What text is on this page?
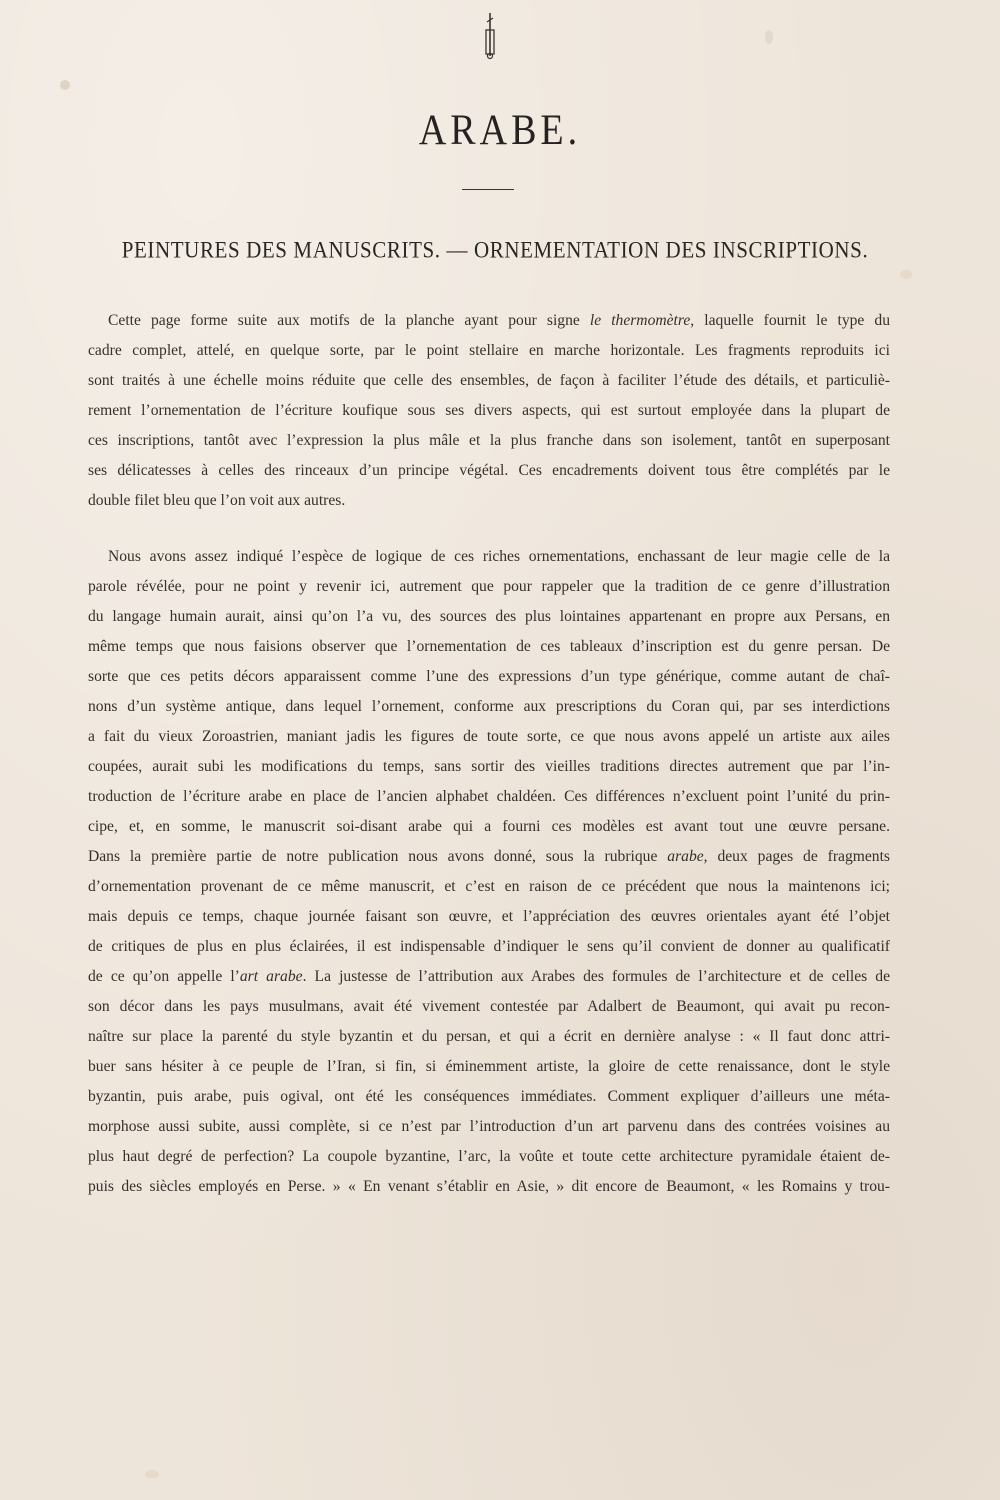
ARABE.
PEINTURES DES MANUSCRITS. — ORNEMENTATION DES INSCRIPTIONS.
Cette page forme suite aux motifs de la planche ayant pour signe le thermomètre, laquelle fournit le type du
cadre complet, attelé, en quelque sorte, par le point stellaire en marche horizontale. Les fragments reproduits ici
sont traités à une échelle moins réduite que celle des ensembles, de façon à faciliter l’étude des détails, et particuliè-
rement l’ornementation de l’écriture koufique sous ses divers aspects, qui est surtout employée dans la plupart de
ces inscriptions, tantôt avec l’expression la plus mâle et la plus franche dans son isolement, tantôt en superposant
ses délicatesses à celles des rinceaux d’un principe végétal. Ces encadrements doivent tous être complétés par le
double filet bleu que l’on voit aux autres.
Nous avons assez indiqué l’espèce de logique de ces riches ornementations, enchassant de leur magie celle de la
parole révélée, pour ne point y revenir ici, autrement que pour rappeler que la tradition de ce genre d’illustration
du langage humain aurait, ainsi qu’on l’a vu, des sources des plus lointaines appartenant en propre aux Persans, en
même temps que nous faisions observer que l’ornementation de ces tableaux d’inscription est du genre persan. De
sorte que ces petits décors apparaissent comme l’une des expressions d’un type générique, comme autant de chaî-
nons d’un système antique, dans lequel l’ornement, conforme aux prescriptions du Coran qui, par ses interdictions
a fait du vieux Zoroastrien, maniant jadis les figures de toute sorte, ce que nous avons appelé un artiste aux ailes
coupées, aurait subi les modifications du temps, sans sortir des vieilles traditions directes autrement que par l’in-
troduction de l’écriture arabe en place de l’ancien alphabet chaldéen. Ces différences n’excluent point l’unité du prin-
cipe, et, en somme, le manuscrit soi-disant arabe qui a fourni ces modèles est avant tout une œuvre persane.
Dans la première partie de notre publication nous avons donné, sous la rubrique arabe, deux pages de fragments
d’ornementation provenant de ce même manuscrit, et c’est en raison de ce précédent que nous la maintenons ici;
mais depuis ce temps, chaque journée faisant son œuvre, et l’appréciation des œuvres orientales ayant été l’objet
de critiques de plus en plus éclairées, il est indispensable d’indiquer le sens qu’il convient de donner au qualificatif
de ce qu’on appelle l’art arabe. La justesse de l’attribution aux Arabes des formules de l’architecture et de celles de
son décor dans les pays musulmans, avait été vivement contestée par Adalbert de Beaumont, qui avait pu recon-
naître sur place la parenté du style byzantin et du persan, et qui a écrit en dernière analyse : « Il faut donc attri-
buer sans hésiter à ce peuple de l’Iran, si fin, si éminemment artiste, la gloire de cette renaissance, dont le style
byzantin, puis arabe, puis ogival, ont été les conséquences immédiates. Comment expliquer d’ailleurs une méta-
morphose aussi subite, aussi complète, si ce n’est par l’introduction d’un art parvenu dans des contrées voisines au
plus haut degré de perfection? La coupole byzantine, l’arc, la voûte et toute cette architecture pyramidale étaient de-
puis des siècles employés en Perse. » « En venant s’établir en Asie, » dit encore de Beaumont, « les Romains y trou-
